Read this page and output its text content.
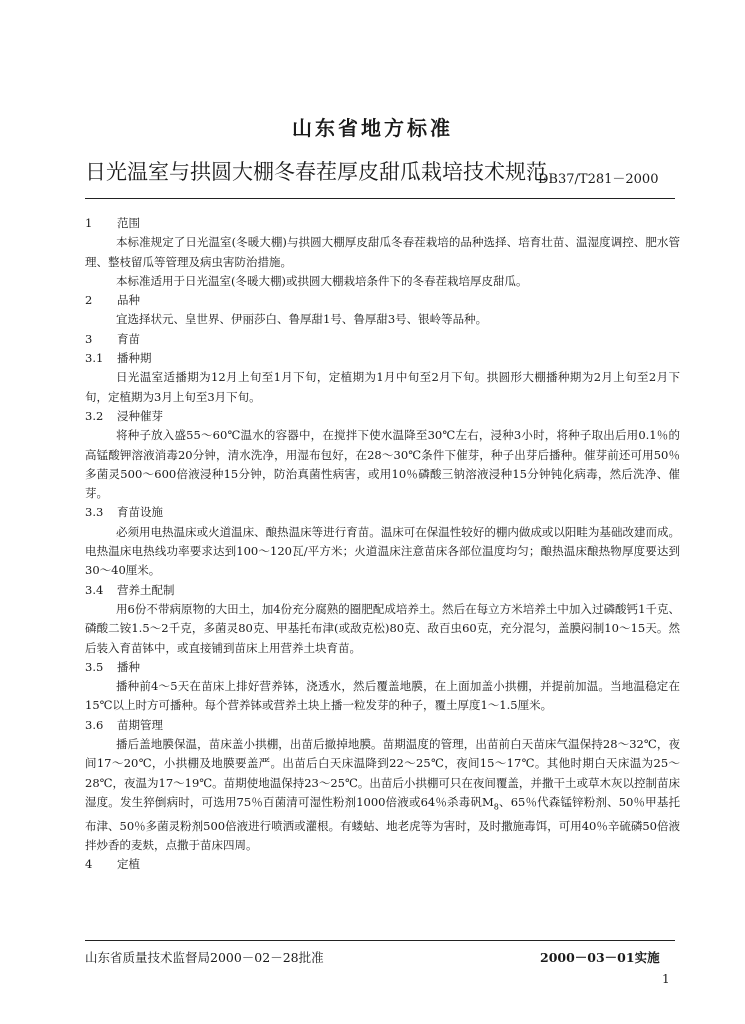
山东省地方标准
日光温室与拱圆大棚冬春茬厚皮甜瓜栽培技术规范
DB37/T281－2000
1 范围

本标准规定了日光温室(冬暖大棚)与拱圆大棚厚皮甜瓜冬春茬栽培的品种选择、培育壮苗、温湿度调控、肥水管理、整枝留瓜等管理及病虫害防治措施。

本标准适用于日光温室(冬暖大棚)或拱圆大棚栽培条件下的冬春茬栽培厚皮甜瓜。

2 品种

宜选择状元、皇世界、伊丽莎白、鲁厚甜1号、鲁厚甜3号、银岭等品种。

3 育苗
3.1 播种期

日光温室适播期为12月上旬至1月下旬，定植期为1月中旬至2月下旬。拱圆形大棚播种期为2月上旬至2月下旬，定植期为3月上旬至3月下旬。

3.2 浸种催芽

将种子放入盛55～60℃温水的容器中，在搅拌下使水温降至30℃左右，浸种3小时，将种子取出后用0.1％的高锰酸钾溶液消毒20分钟，清水洗净，用湿布包好，在28～30℃条件下催芽，种子出芽后播种。催芽前还可用50％多菌灵500～600倍液浸种15分钟，防治真菌性病害，或用10％磷酸三钠溶液浸种15分钟钝化病毒，然后洗净、催芽。

3.3 育苗设施

必须用电热温床或火道温床、酿热温床等进行育苗。温床可在保温性较好的棚内做成或以阳畦为基础改建而成。电热温床电热线功率要求达到100～120瓦/平方米；火道温床注意苗床各部位温度均匀；酿热温床酿热物厚度要达到30～40厘米。

3.4 营养土配制

用6份不带病原物的大田土，加4份充分腐熟的圈肥配成培养土。然后在每立方米培养土中加入过磷酸钙1千克、磷酸二铵1.5～2千克，多菌灵80克、甲基托布津(或敌克松)80克、敌百虫60克，充分混匀，盖膜闷制10～15天。然后装入育苗钵中，或直接铺到苗床上用营养土块育苗。

3.5 播种

播种前4～5天在苗床上排好营养钵，浇透水，然后覆盖地膜，在上面加盖小拱棚，并提前加温。当地温稳定在15℃以上时方可播种。每个营养钵或营养土块上播一粒发芽的种子，覆土厚度1～1.5厘米。

3.6 苗期管理

播后盖地膜保温，苗床盖小拱棚，出苗后撤掉地膜。苗期温度的管理，出苗前白天苗床气温保持28～32℃，夜间17～20℃，小拱棚及地膜要盖严。出苗后白天床温降到22～25℃，夜间15～17℃。其他时期白天床温为25～28℃，夜温为17～19℃。苗期使地温保持23～25℃。出苗后小拱棚可只在夜间覆盖，并撒干土或草木灰以控制苗床湿度。发生猝倒病时，可选用75％百菌清可湿性粉剂1000倍液或64％杀毒矾$M_8$、65％代森锰锌粉剂、50％甲基托布津、50％多菌灵粉剂500倍液进行喷洒或灌根。有蝼蛄、地老虎等为害时，及时撒施毒饵，可用40％辛硫磷50倍液拌炒香的麦麸，点撒于苗床四周。

4 定植
山东省质量技术监督局2000－02－28批准	2000－03－01实施
1
